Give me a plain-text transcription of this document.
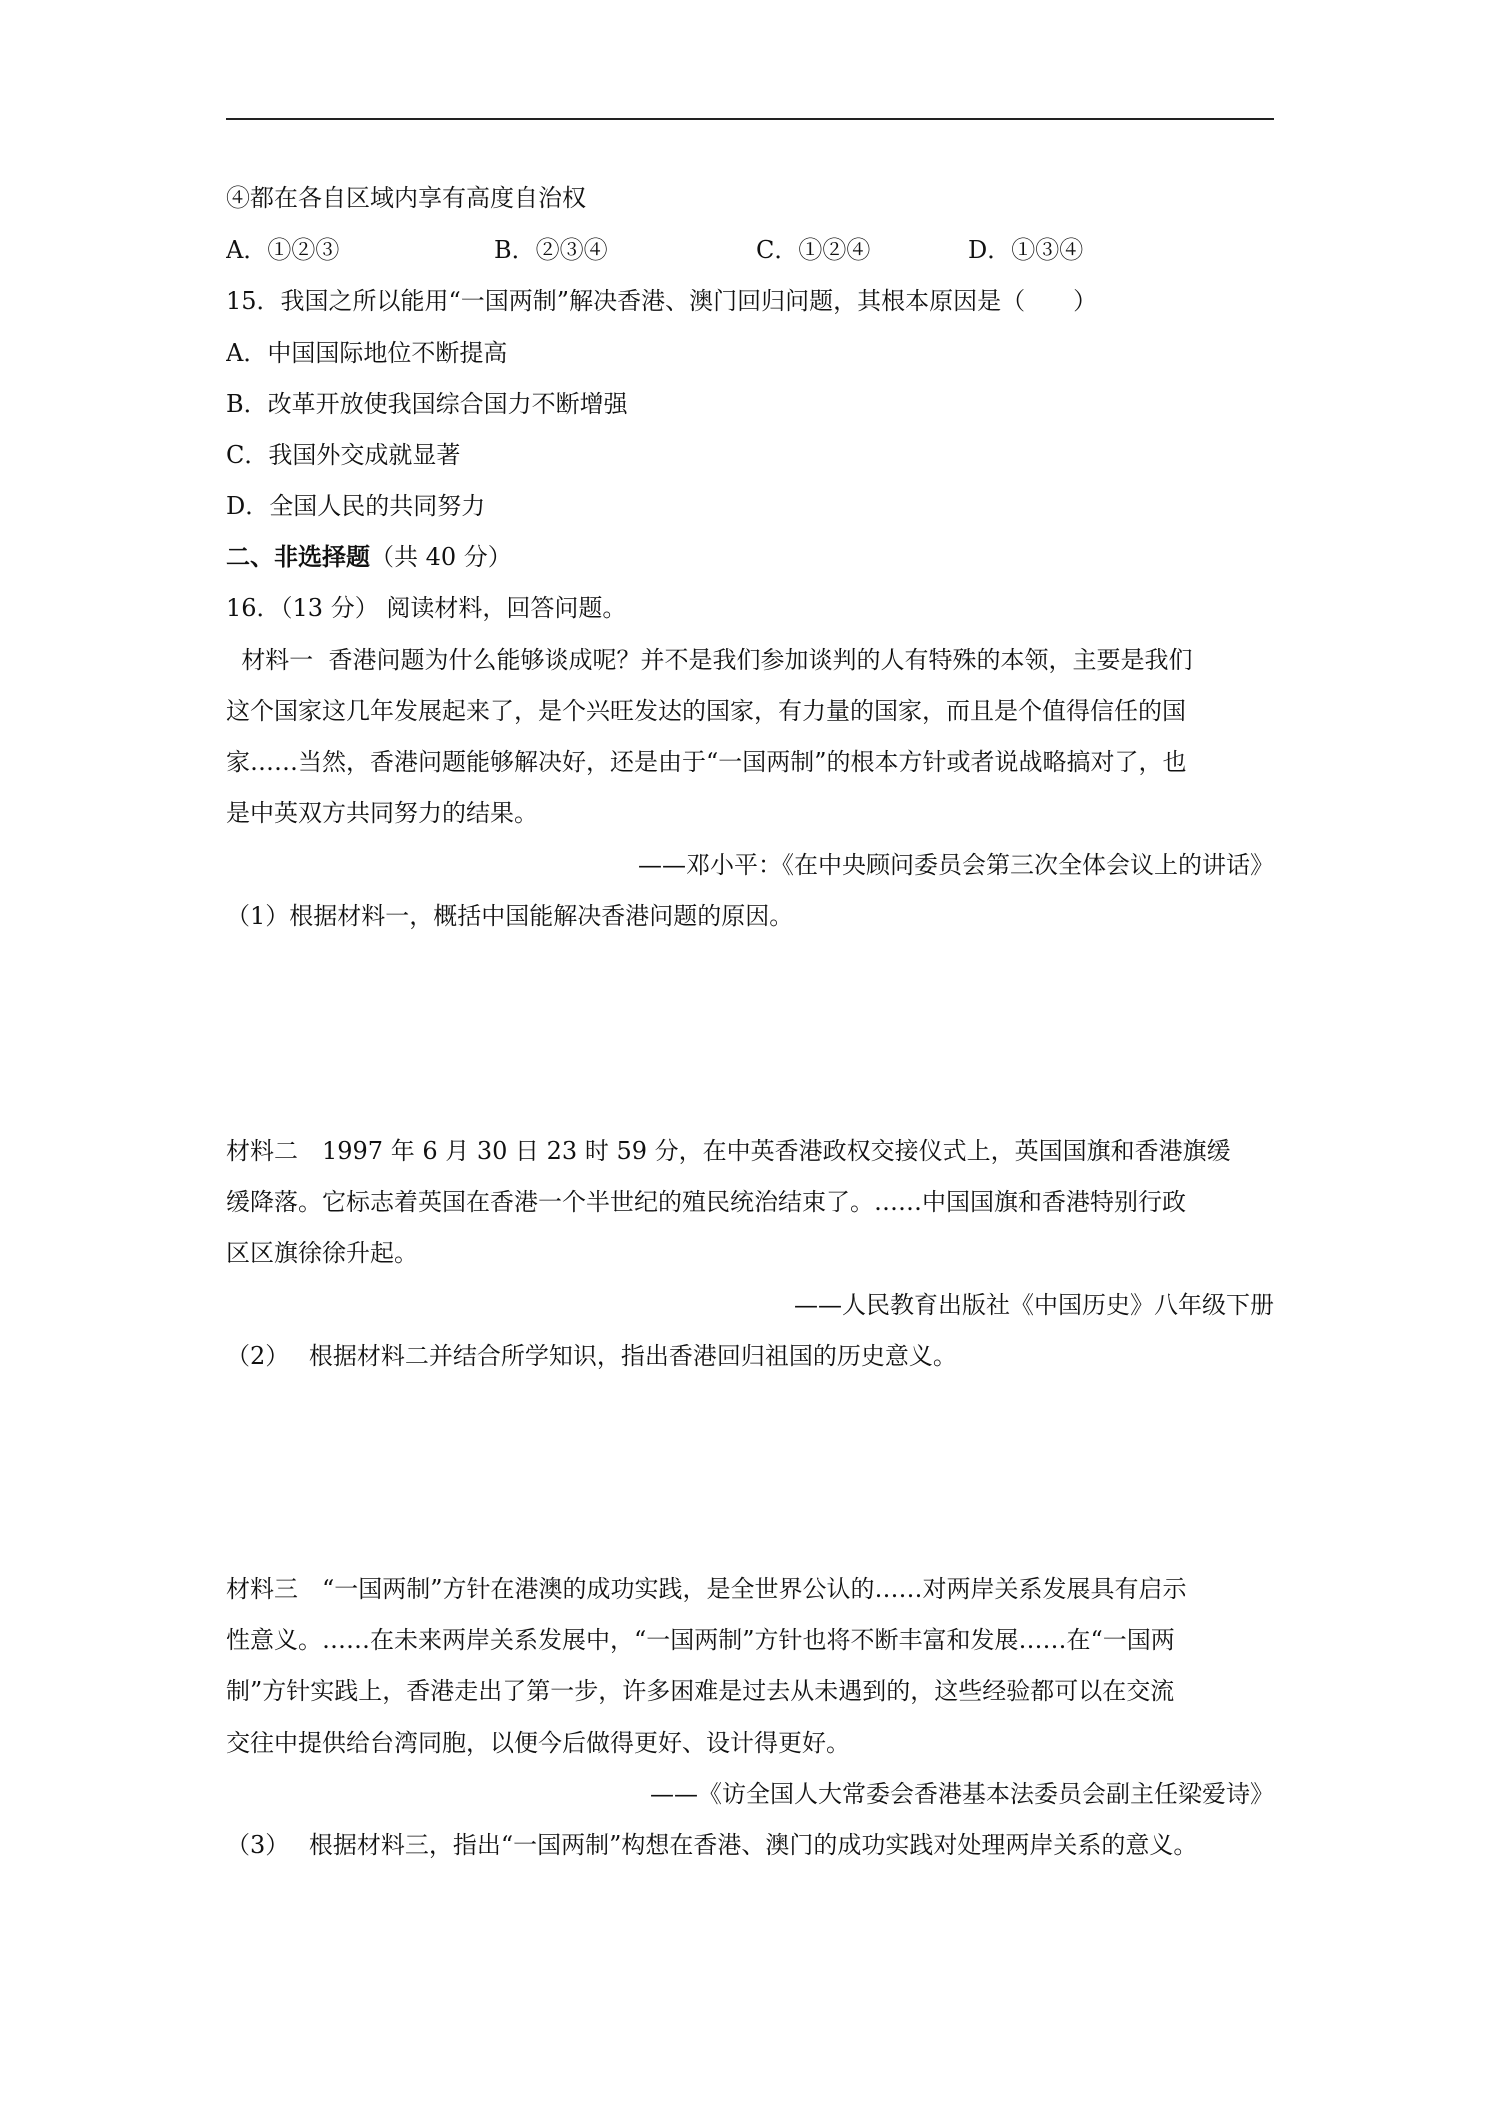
④都在各自区域内享有高度自治权
A．①②③	B．②③④	C．①②④	D．①③④
15．我国之所以能用“一国两制”解决香港、澳门回归问题，其根本原因是（　　）
A．中国国际地位不断提高
B．改革开放使我国综合国力不断增强
C．我国外交成就显著
D．全国人民的共同努力
二、非选择题（共 40 分）
16．（13 分） 阅读材料，回答问题。
材料一  香港问题为什么能够谈成呢？并不是我们参加谈判的人有特殊的本领，主要是我们
这个国家这几年发展起来了，是个兴旺发达的国家，有力量的国家，而且是个值得信任的国
家……当然，香港问题能够解决好，还是由于“一国两制”的根本方针或者说战略搞对了，也
是中英双方共同努力的结果。
——邓小平：《在中央顾问委员会第三次全体会议上的讲话》
（1）根据材料一，概括中国能解决香港问题的原因。
材料二　1997 年 6 月 30 日 23 时 59 分，在中英香港政权交接仪式上，英国国旗和香港旗缓
缓降落。它标志着英国在香港一个半世纪的殖民统治结束了。……中国国旗和香港特别行政
区区旗徐徐升起。
——人民教育出版社《中国历史》八年级下册
（2）　 根据材料二并结合所学知识，指出香港回归祖国的历史意义。
材料三　“一国两制”方针在港澳的成功实践，是全世界公认的……对两岸关系发展具有启示
性意义。……在未来两岸关系发展中，“一国两制”方针也将不断丰富和发展……在“一国两
制”方针实践上，香港走出了第一步，许多困难是过去从未遇到的，这些经验都可以在交流
交往中提供给台湾同胞，以便今后做得更好、设计得更好。
——《访全国人大常委会香港基本法委员会副主任梁爱诗》
（3）　 根据材料三，指出“一国两制”构想在香港、澳门的成功实践对处理两岸关系的意义。
